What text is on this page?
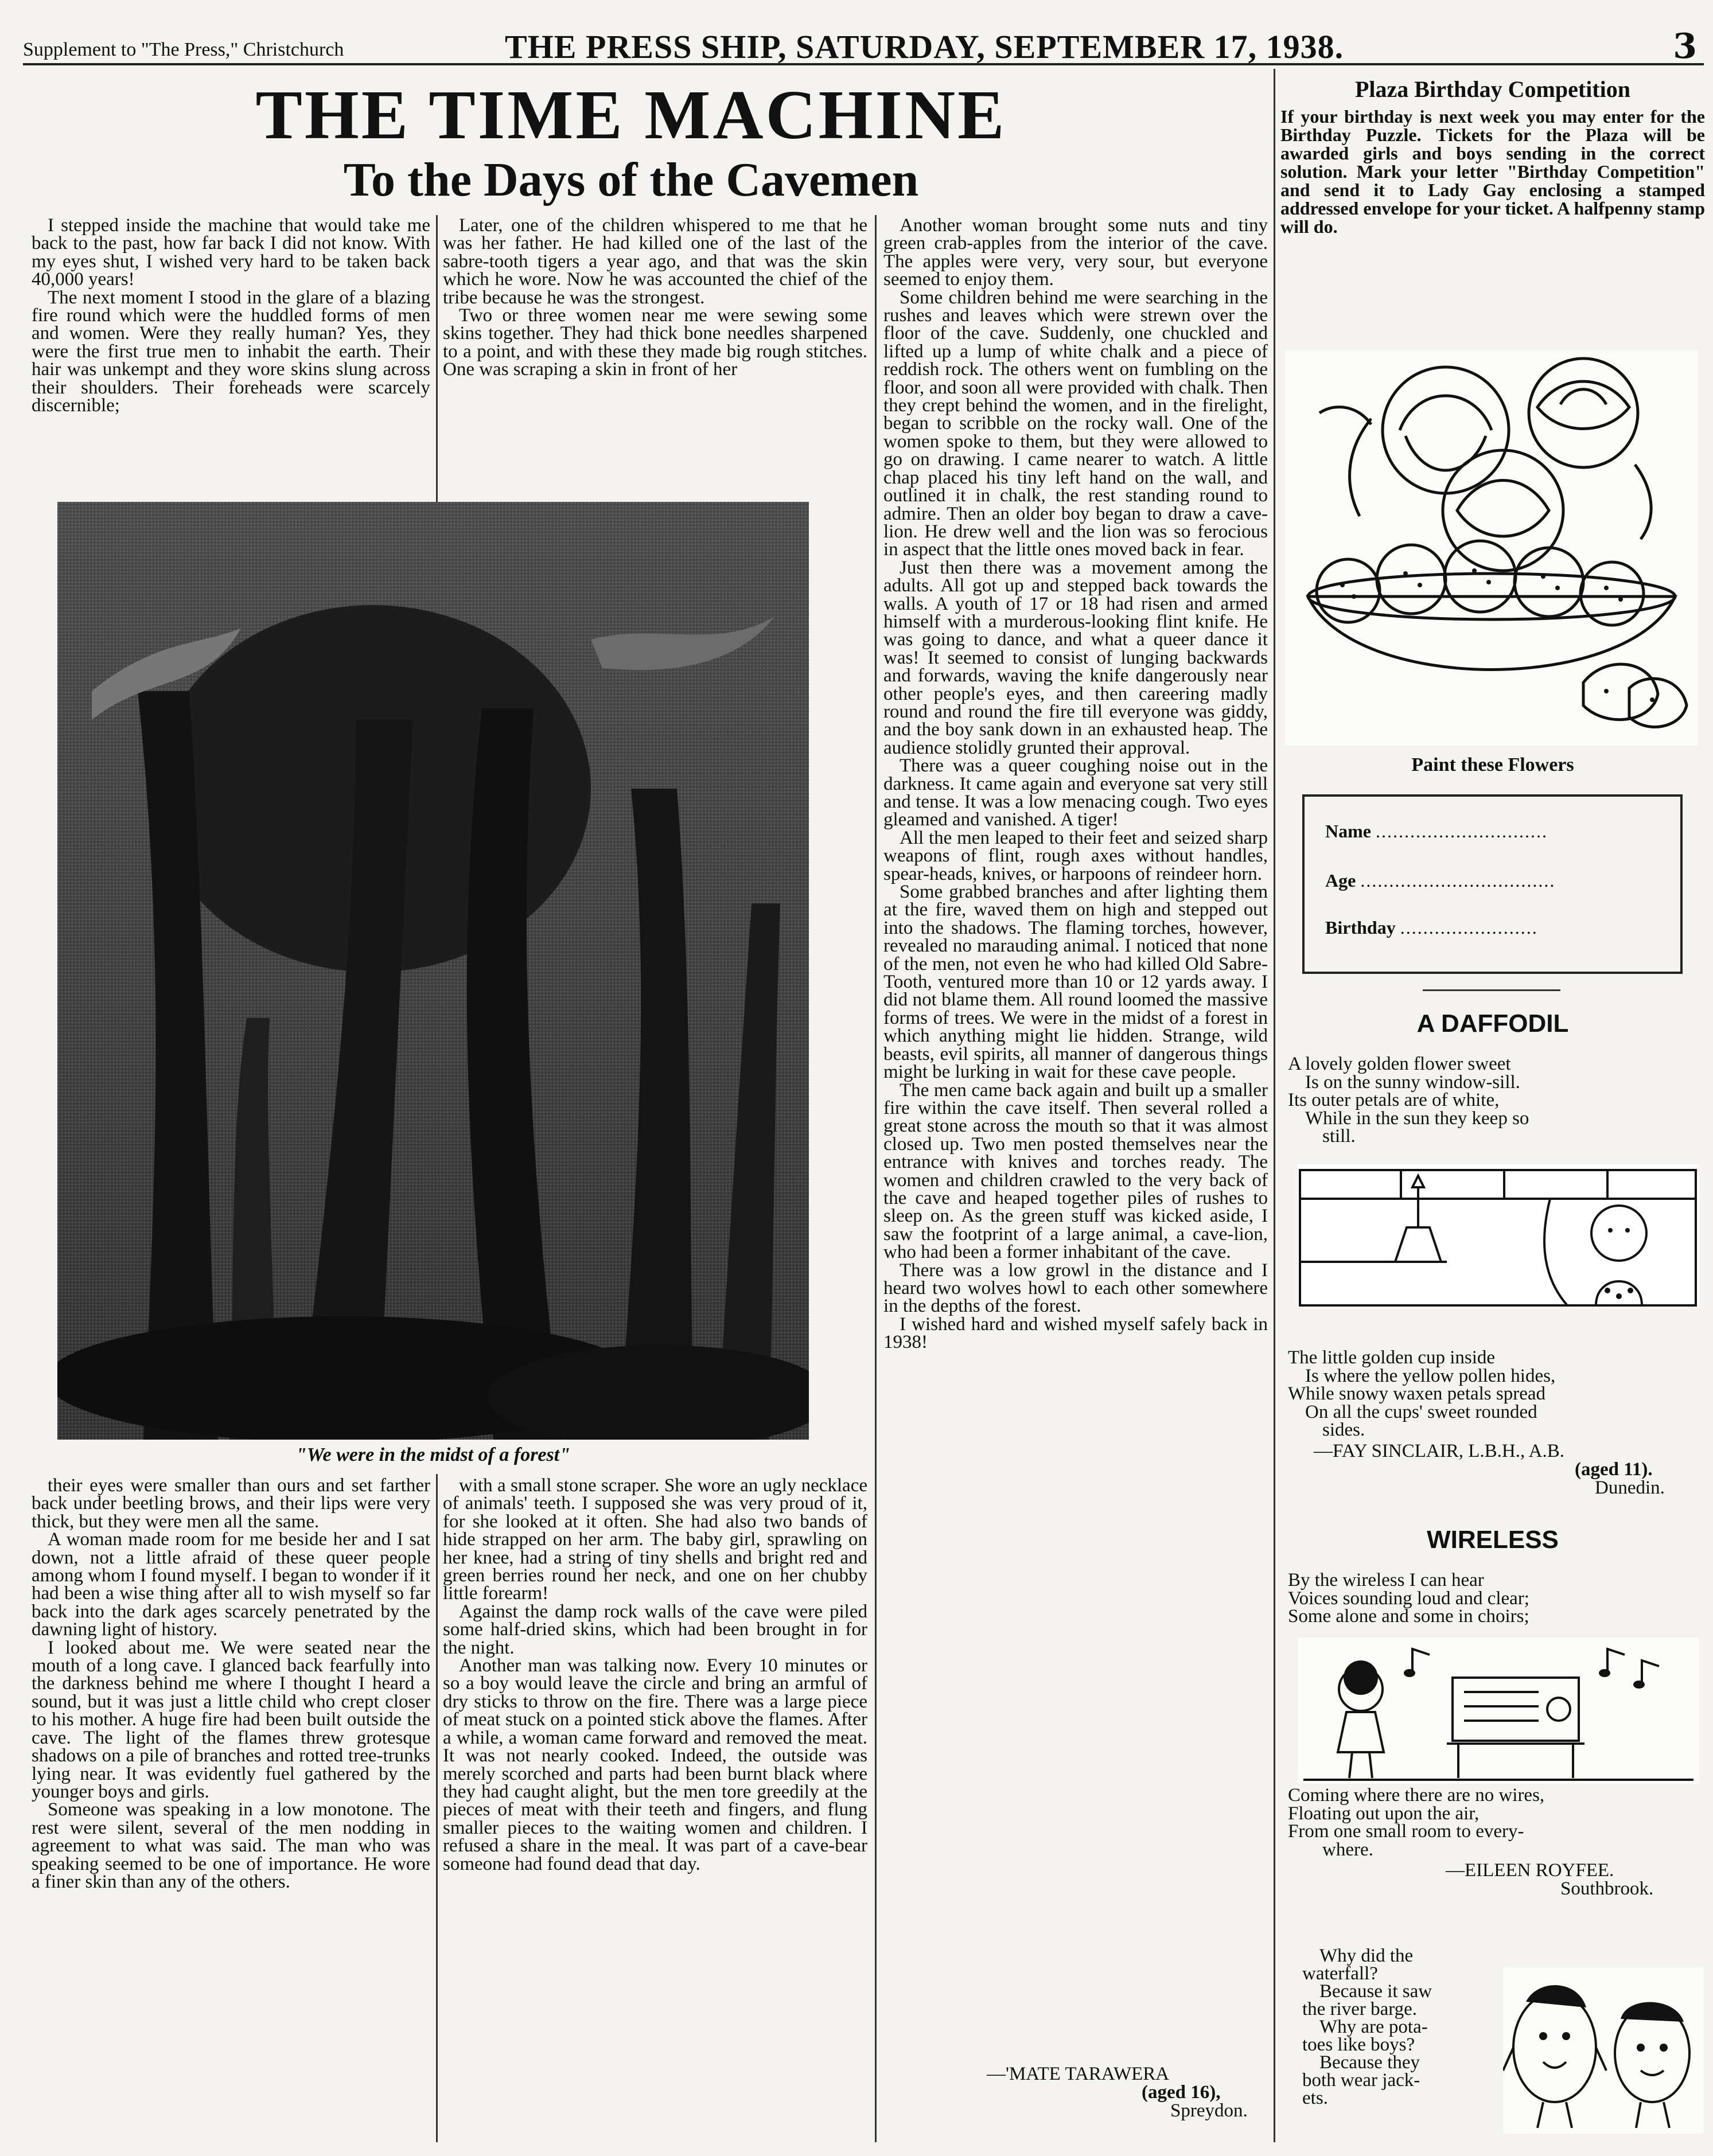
Supplement to "The Press," Christchurch	THE PRESS SHIP, SATURDAY, SEPTEMBER 17, 1938.	3
THE TIME MACHINE
To the Days of the Cavemen

I stepped inside the machine that would take me back to the past, how far back I did not know. With my eyes shut, I wished very hard to be taken back 40,000 years!

The next moment I stood in the glare of a blazing fire round which were the huddled forms of men and women. Were they really human? Yes, they were the first true men to inhabit the earth. Their hair was unkempt and they wore skins slung across their shoulders. Their foreheads were scarcely discernible;

Later, one of the children whispered to me that he was her father. He had killed one of the last of the sabre-tooth tigers a year ago, and that was the skin which he wore. Now he was accounted the chief of the tribe because he was the strongest.

Two or three women near me were sewing some skins together. They had thick bone needles sharpened to a point, and with these they made big rough stitches. One was scraping a skin in front of her

"We were in the midst of a forest"

their eyes were smaller than ours and set farther back under beetling brows, and their lips were very thick, but they were men all the same.

A woman made room for me beside her and I sat down, not a little afraid of these queer people among whom I found myself. I began to wonder if it had been a wise thing after all to wish myself so far back into the dark ages scarcely penetrated by the dawning light of history.

I looked about me. We were seated near the mouth of a long cave. I glanced back fearfully into the darkness behind me where I thought I heard a sound, but it was just a little child who crept closer to his mother. A huge fire had been built outside the cave. The light of the flames threw grotesque shadows on a pile of branches and rotted tree-trunks lying near. It was evidently fuel gathered by the younger boys and girls.

Someone was speaking in a low monotone. The rest were silent, several of the men nodding in agreement to what was said. The man who was speaking seemed to be one of importance. He wore a finer skin than any of the others.

with a small stone scraper. She wore an ugly necklace of animals' teeth. I supposed she was very proud of it, for she looked at it often. She had also two bands of hide strapped on her arm. The baby girl, sprawling on her knee, had a string of tiny shells and bright red and green berries round her neck, and one on her chubby little forearm!

Against the damp rock walls of the cave were piled some half-dried skins, which had been brought in for the night.

Another man was talking now. Every 10 minutes or so a boy would leave the circle and bring an armful of dry sticks to throw on the fire. There was a large piece of meat stuck on a pointed stick above the flames. After a while, a woman came forward and removed the meat. It was not nearly cooked. Indeed, the outside was merely scorched and parts had been burnt black where they had caught alight, but the men tore greedily at the pieces of meat with their teeth and fingers, and flung smaller pieces to the waiting women and children. I refused a share in the meal. It was part of a cave-bear someone had found dead that day.

Another woman brought some nuts and tiny green crab-apples from the interior of the cave. The apples were very, very sour, but everyone seemed to enjoy them.

Some children behind me were searching in the rushes and leaves which were strewn over the floor of the cave. Suddenly, one chuckled and lifted up a lump of white chalk and a piece of reddish rock. The others went on fumbling on the floor, and soon all were provided with chalk. Then they crept behind the women, and in the firelight, began to scribble on the rocky wall. One of the women spoke to them, but they were allowed to go on drawing. I came nearer to watch. A little chap placed his tiny left hand on the wall, and outlined it in chalk, the rest standing round to admire. Then an older boy began to draw a cave-lion. He drew well and the lion was so ferocious in aspect that the little ones moved back in fear.

Just then there was a movement among the adults. All got up and stepped back towards the walls. A youth of 17 or 18 had risen and armed himself with a murderous-looking flint knife. He was going to dance, and what a queer dance it was! It seemed to consist of lunging backwards and forwards, waving the knife dangerously near other people's eyes, and then careering madly round and round the fire till everyone was giddy, and the boy sank down in an exhausted heap. The audience stolidly grunted their approval.

There was a queer coughing noise out in the darkness. It came again and everyone sat very still and tense. It was a low menacing cough. Two eyes gleamed and vanished. A tiger!

All the men leaped to their feet and seized sharp weapons of flint, rough axes without handles, spear-heads, knives, or harpoons of reindeer horn.

Some grabbed branches and after lighting them at the fire, waved them on high and stepped out into the shadows. The flaming torches, however, revealed no marauding animal. I noticed that none of the men, not even he who had killed Old Sabre-Tooth, ventured more than 10 or 12 yards away. I did not blame them. All round loomed the massive forms of trees. We were in the midst of a forest in which anything might lie hidden. Strange, wild beasts, evil spirits, all manner of dangerous things might be lurking in wait for these cave people.

The men came back again and built up a smaller fire within the cave itself. Then several rolled a great stone across the mouth so that it was almost closed up. Two men posted themselves near the entrance with knives and torches ready. The women and children crawled to the very back of the cave and heaped together piles of rushes to sleep on. As the green stuff was kicked aside, I saw the footprint of a large animal, a cave-lion, who had been a former inhabitant of the cave.

There was a low growl in the distance and I heard two wolves howl to each other somewhere in the depths of the forest.

I wished hard and wished myself safely back in 1938!

—'MATE TARAWERA
(aged 16),
Spreydon.

Plaza Birthday Competition

If your birthday is next week you may enter for the Birthday Puzzle. Tickets for the Plaza will be awarded girls and boys sending in the correct solution. Mark your letter "Birthday Competition" and send it to Lady Gay enclosing a stamped addressed envelope for your ticket. A halfpenny stamp will do.

Paint these Flowers
Name ..............................
Age ..................................
Birthday ........................
A DAFFODIL
A lovely golden flower sweet
Is on the sunny window-sill.
Its outer petals are of white,
While in the sun they keep so
still.
The little golden cup inside
Is where the yellow pollen hides,
While snowy waxen petals spread
On all the cups' sweet rounded
sides.
—FAY SINCLAIR, L.B.H., A.B.
(aged 11).
Dunedin.
WIRELESS
By the wireless I can hear
Voices sounding loud and clear;
Some alone and some in choirs;
Coming where there are no wires,
Floating out upon the air,
From one small room to every-
where.
—EILEEN ROYFEE.
Southbrook.
Why did the
waterfall?
Because it saw
the river barge.
Why are pota-
toes like boys?
Because they
both wear jack-
ets.
